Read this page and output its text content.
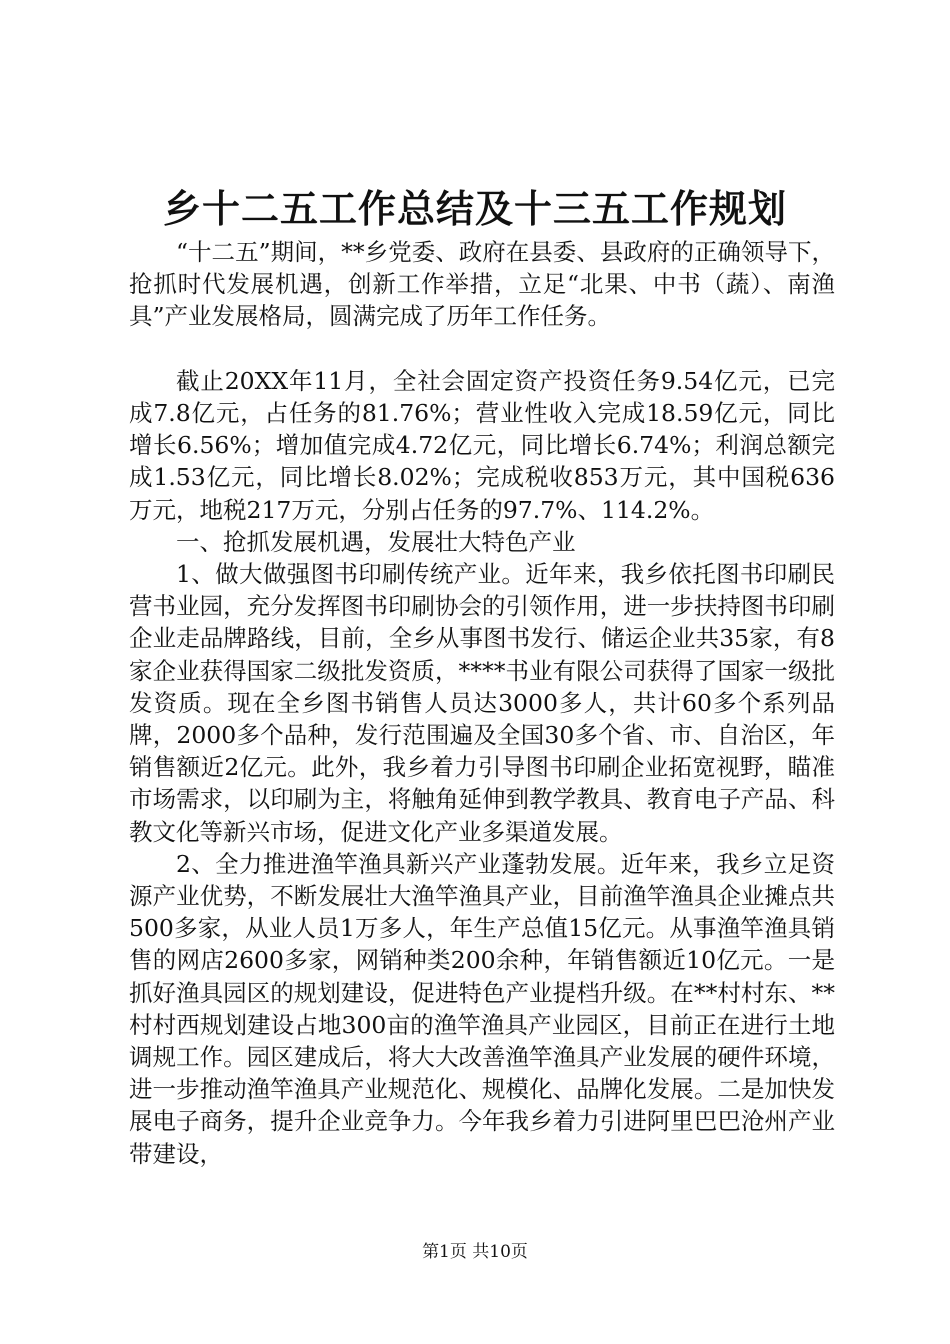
乡十二五工作总结及十三五工作规划

“十二五”期间，**乡党委、政府在县委、县政府的正确领导下，抢抓时代发展机遇，创新工作举措，立足“北果、中书（蔬）、南渔具”产业发展格局，圆满完成了历年工作任务。

截止20XX年11月，全社会固定资产投资任务9.54亿元，已完成7.8亿元，占任务的81.76%；营业性收入完成18.59亿元，同比增长6.56%；增加值完成4.72亿元，同比增长6.74%；利润总额完成1.53亿元，同比增长8.02%；完成税收853万元，其中国税636万元，地税217万元，分别占任务的97.7%、114.2%。

一、抢抓发展机遇，发展壮大特色产业

1、做大做强图书印刷传统产业。近年来，我乡依托图书印刷民营书业园，充分发挥图书印刷协会的引领作用，进一步扶持图书印刷企业走品牌路线，目前，全乡从事图书发行、储运企业共35家，有8家企业获得国家二级批发资质，****书业有限公司获得了国家一级批发资质。现在全乡图书销售人员达3000多人，共计60多个系列品牌，2000多个品种，发行范围遍及全国30多个省、市、自治区，年销售额近2亿元。此外，我乡着力引导图书印刷企业拓宽视野，瞄准市场需求，以印刷为主，将触角延伸到教学教具、教育电子产品、科教文化等新兴市场，促进文化产业多渠道发展。

2、全力推进渔竿渔具新兴产业蓬勃发展。近年来，我乡立足资源产业优势，不断发展壮大渔竿渔具产业，目前渔竿渔具企业摊点共500多家，从业人员1万多人，年生产总值15亿元。从事渔竿渔具销售的网店2600多家，网销种类200余种，年销售额近10亿元。一是抓好渔具园区的规划建设，促进特色产业提档升级。在**村村东、**村村西规划建设占地300亩的渔竿渔具产业园区，目前正在进行土地调规工作。园区建成后，将大大改善渔竿渔具产业发展的硬件环境，进一步推动渔竿渔具产业规范化、规模化、品牌化发展。二是加快发展电子商务，提升企业竞争力。今年我乡着力引进阿里巴巴沧州产业带建设，

第1页 共10页
